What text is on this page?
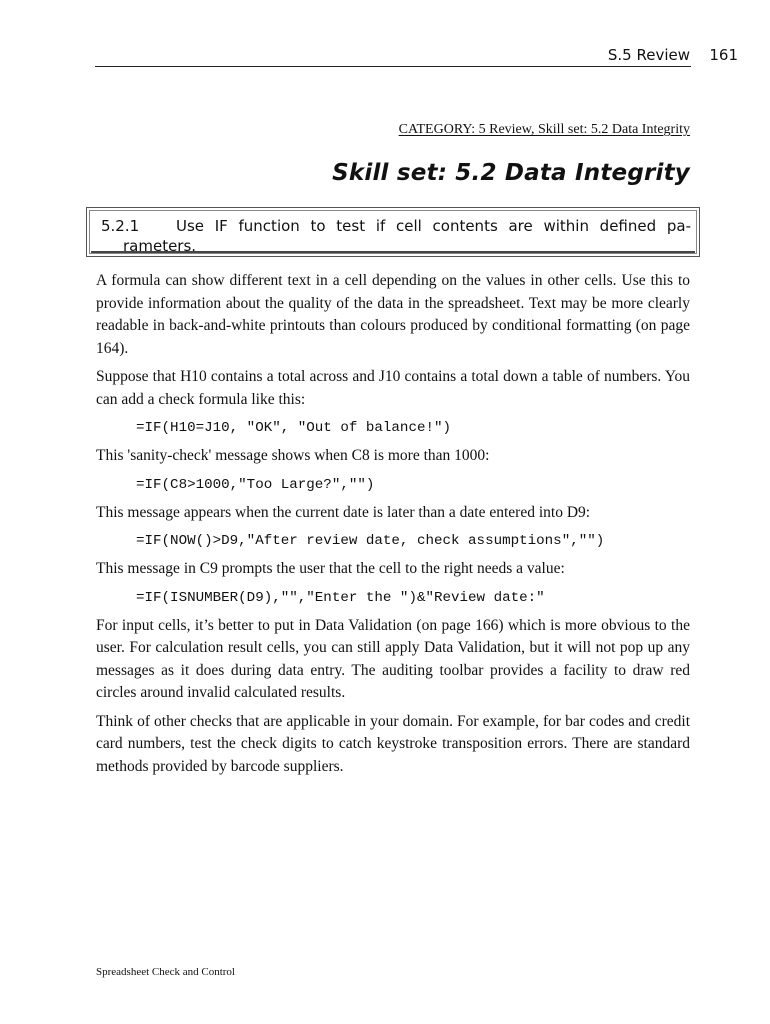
S.5 Review 161
CATEGORY: 5 Review, Skill set: 5.2 Data Integrity
Skill set: 5.2 Data Integrity
5.2.1 Use IF function to test if cell contents are within defined pa-
rameters.

A formula can show different text in a cell depending on the values in other cells. Use this to provide information about the quality of the data in the spreadsheet. Text may be more clearly readable in back-and-white printouts than colours produced by conditional formatting (on page 164).

Suppose that H10 contains a total across and J10 contains a total down a table of numbers. You can add a check formula like this:

=IF(H10=J10, "OK", "Out of balance!")

This 'sanity-check' message shows when C8 is more than 1000:

=IF(C8>1000,"Too Large?","")

This message appears when the current date is later than a date entered into D9:

=IF(NOW()>D9,"After review date, check assumptions","")

This message in C9 prompts the user that the cell to the right needs a value:

=IF(ISNUMBER(D9),"","Enter the ")&"Review date:"

For input cells, it’s better to put in Data Validation (on page 166) which is more obvious to the user. For calculation result cells, you can still apply Data Validation, but it will not pop up any messages as it does during data entry. The auditing toolbar provides a facility to draw red circles around invalid calculated results.

Think of other checks that are applicable in your domain. For example, for bar codes and credit card numbers, test the check digits to catch keystroke transposition errors. There are standard methods provided by barcode suppliers.

Spreadsheet Check and Control
